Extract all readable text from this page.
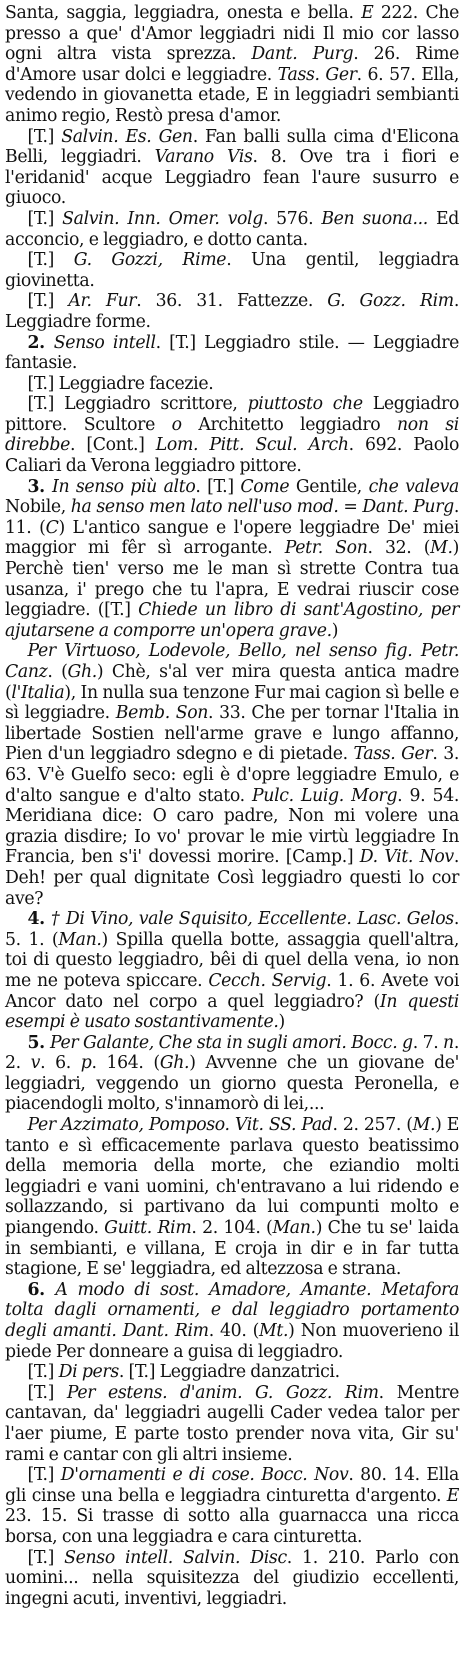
Santa, saggia, leggiadra, onesta e bella. E 222. Che presso a que' d'Amor leggiadri nidi Il mio cor lasso ogni altra vista sprezza. Dant. Purg. 26. Rime d'Amore usar dolci e leggiadre. Tass. Ger. 6. 57. Ella, vedendo in giovanetta etade, E in leggiadri sembianti animo regio, Restò presa d'amor.

[T.] Salvin. Es. Gen. Fan balli sulla cima d'Elicona Belli, leggiadri. Varano Vis. 8. Ove tra i fiori e l'eridanid' acque Leggiadro fean l'aure susurro e giuoco.

[T.] Salvin. Inn. Omer. volg. 576. Ben suona... Ed acconcio, e leggiadro, e dotto canta.

[T.] G. Gozzi, Rime. Una gentil, leggiadra giovinetta.

[T.] Ar. Fur. 36. 31. Fattezze. G. Gozz. Rim. Leggiadre forme.

2. Senso intell. [T.] Leggiadro stile. — Leggiadre fantasie.

[T.] Leggiadre facezie.

[T.] Leggiadro scrittore, piuttosto che Leggiadro pittore. Scultore o Architetto leggiadro non si direbbe. [Cont.] Lom. Pitt. Scul. Arch. 692. Paolo Caliari da Verona leggiadro pittore.

3. In senso più alto. [T.] Come Gentile, che valeva Nobile, ha senso men lato nell'uso mod. = Dant. Purg. 11. (C) L'antico sangue e l'opere leggiadre De' miei maggior mi fêr sì arrogante. Petr. Son. 32. (M.) Perchè tien' verso me le man sì strette Contra tua usanza, i' prego che tu l'apra, E vedrai riuscir cose leggiadre. ([T.] Chiede un libro di sant'Agostino, per ajutarsene a comporre un'opera grave.)

Per Virtuoso, Lodevole, Bello, nel senso fig. Petr. Canz. (Gh.) Chè, s'al ver mira questa antica madre (l'Italia), In nulla sua tenzone Fur mai cagion sì belle e sì leggiadre. Bemb. Son. 33. Che per tornar l'Italia in libertade Sostien nell'arme grave e lungo affanno, Pien d'un leggiadro sdegno e di pietade. Tass. Ger. 3. 63. V'è Guelfo seco: egli è d'opre leggiadre Emulo, e d'alto sangue e d'alto stato. Pulc. Luig. Morg. 9. 54. Meridiana dice: O caro padre, Non mi volere una grazia disdire; Io vo' provar le mie virtù leggiadre In Francia, ben s'i' dovessi morire. [Camp.] D. Vit. Nov. Deh! per qual dignitate Così leggiadro questi lo cor ave?

4. † Di Vino, vale Squisito, Eccellente. Lasc. Gelos. 5. 1. (Man.) Spilla quella botte, assaggia quell'altra, toi di questo leggiadro, bêi di quel della vena, io non me ne poteva spiccare. Cecch. Servig. 1. 6. Avete voi Ancor dato nel corpo a quel leggiadro? (In questi esempi è usato sostantivamente.)

5. Per Galante, Che sta in sugli amori. Bocc. g. 7. n. 2. v. 6. p. 164. (Gh.) Avvenne che un giovane de' leggiadri, veggendo un giorno questa Peronella, e piacendogli molto, s'innamorò di lei,...

Per Azzimato, Pomposo. Vit. SS. Pad. 2. 257. (M.) E tanto e sì efficacemente parlava questo beatissimo della memoria della morte, che eziandio molti leggiadri e vani uomini, ch'entravano a lui ridendo e sollazzando, si partivano da lui compunti molto e piangendo. Guitt. Rim. 2. 104. (Man.) Che tu se' laida in sembianti, e villana, E croja in dir e in far tutta stagione, E se' leggiadra, ed altezzosa e strana.

6. A modo di sost. Amadore, Amante. Metafora tolta dagli ornamenti, e dal leggiadro portamento degli amanti. Dant. Rim. 40. (Mt.) Non muoverieno il piede Per donneare a guisa di leggiadro.

[T.] Di pers. [T.] Leggiadre danzatrici.

[T.] Per estens. d'anim. G. Gozz. Rim. Mentre cantavan, da' leggiadri augelli Cader vedea talor per l'aer piume, E parte tosto prender nova vita, Gir su' rami e cantar con gli altri insieme.

[T.] D'ornamenti e di cose. Bocc. Nov. 80. 14. Ella gli cinse una bella e leggiadra cinturetta d'argento. E 23. 15. Si trasse di sotto alla guarnacca una ricca borsa, con una leggiadra e cara cinturetta.

[T.] Senso intell. Salvin. Disc. 1. 210. Parlo con uomini... nella squisitezza del giudizio eccellenti, ingegni acuti, inventivi, leggiadri.
